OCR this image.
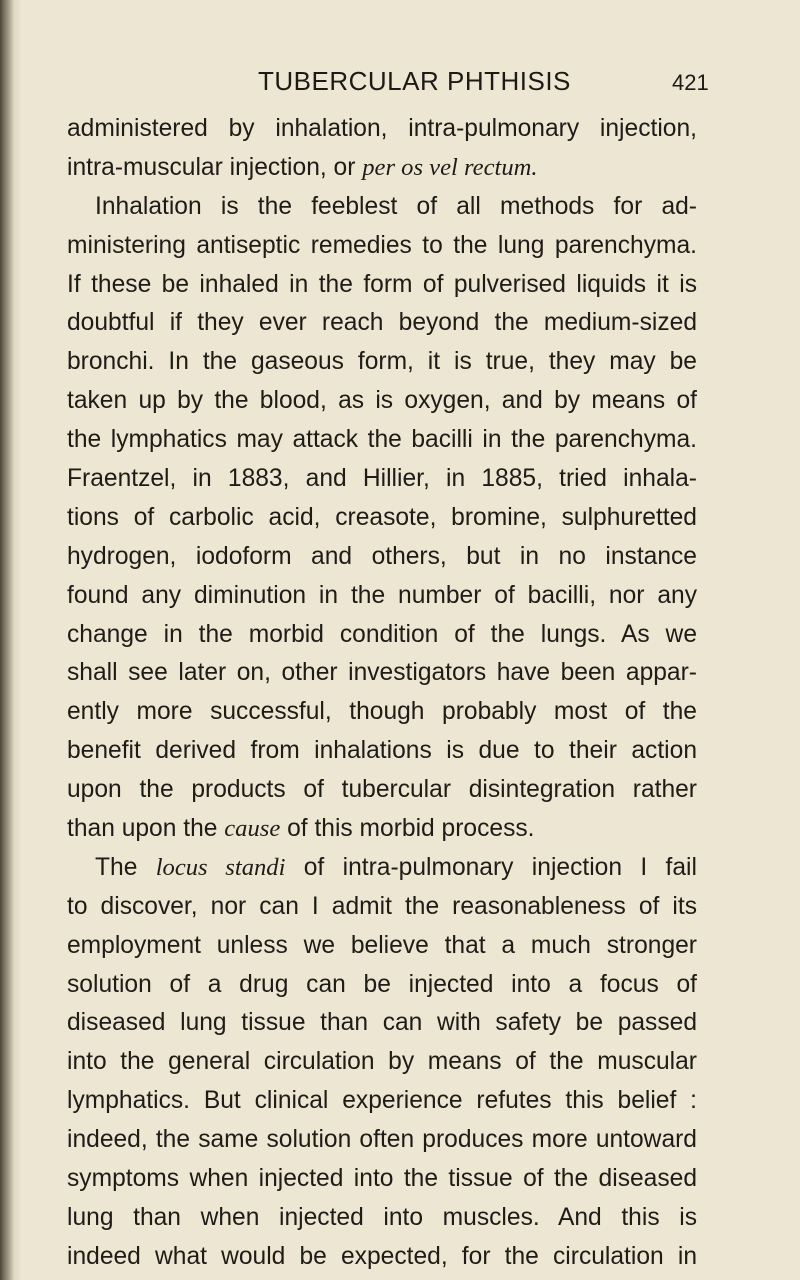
TUBERCULAR PHTHISIS	421
administered by inhalation, intra-pulmonary injection,
intra-muscular injection, or per os vel rectum.
Inhalation is the feeblest of all methods for ad-
ministering antiseptic remedies to the lung parenchyma.
If these be inhaled in the form of pulverised liquids it is
doubtful if they ever reach beyond the medium-sized
bronchi. In the gaseous form, it is true, they may be
taken up by the blood, as is oxygen, and by means of
the lymphatics may attack the bacilli in the parenchyma.
Fraentzel, in 1883, and Hillier, in 1885, tried inhala-
tions of carbolic acid, creasote, bromine, sulphuretted
hydrogen, iodoform and others, but in no instance
found any diminution in the number of bacilli, nor any
change in the morbid condition of the lungs. As we
shall see later on, other investigators have been appar-
ently more successful, though probably most of the
benefit derived from inhalations is due to their action
upon the products of tubercular disintegration rather
than upon the cause of this morbid process.
The locus standi of intra-pulmonary injection I fail
to discover, nor can I admit the reasonableness of its
employment unless we believe that a much stronger
solution of a drug can be injected into a focus of
diseased lung tissue than can with safety be passed
into the general circulation by means of the muscular
lymphatics. But clinical experience refutes this belief :
indeed, the same solution often produces more untoward
symptoms when injected into the tissue of the diseased
lung than when injected into muscles. And this is
indeed what would be expected, for the circulation in
